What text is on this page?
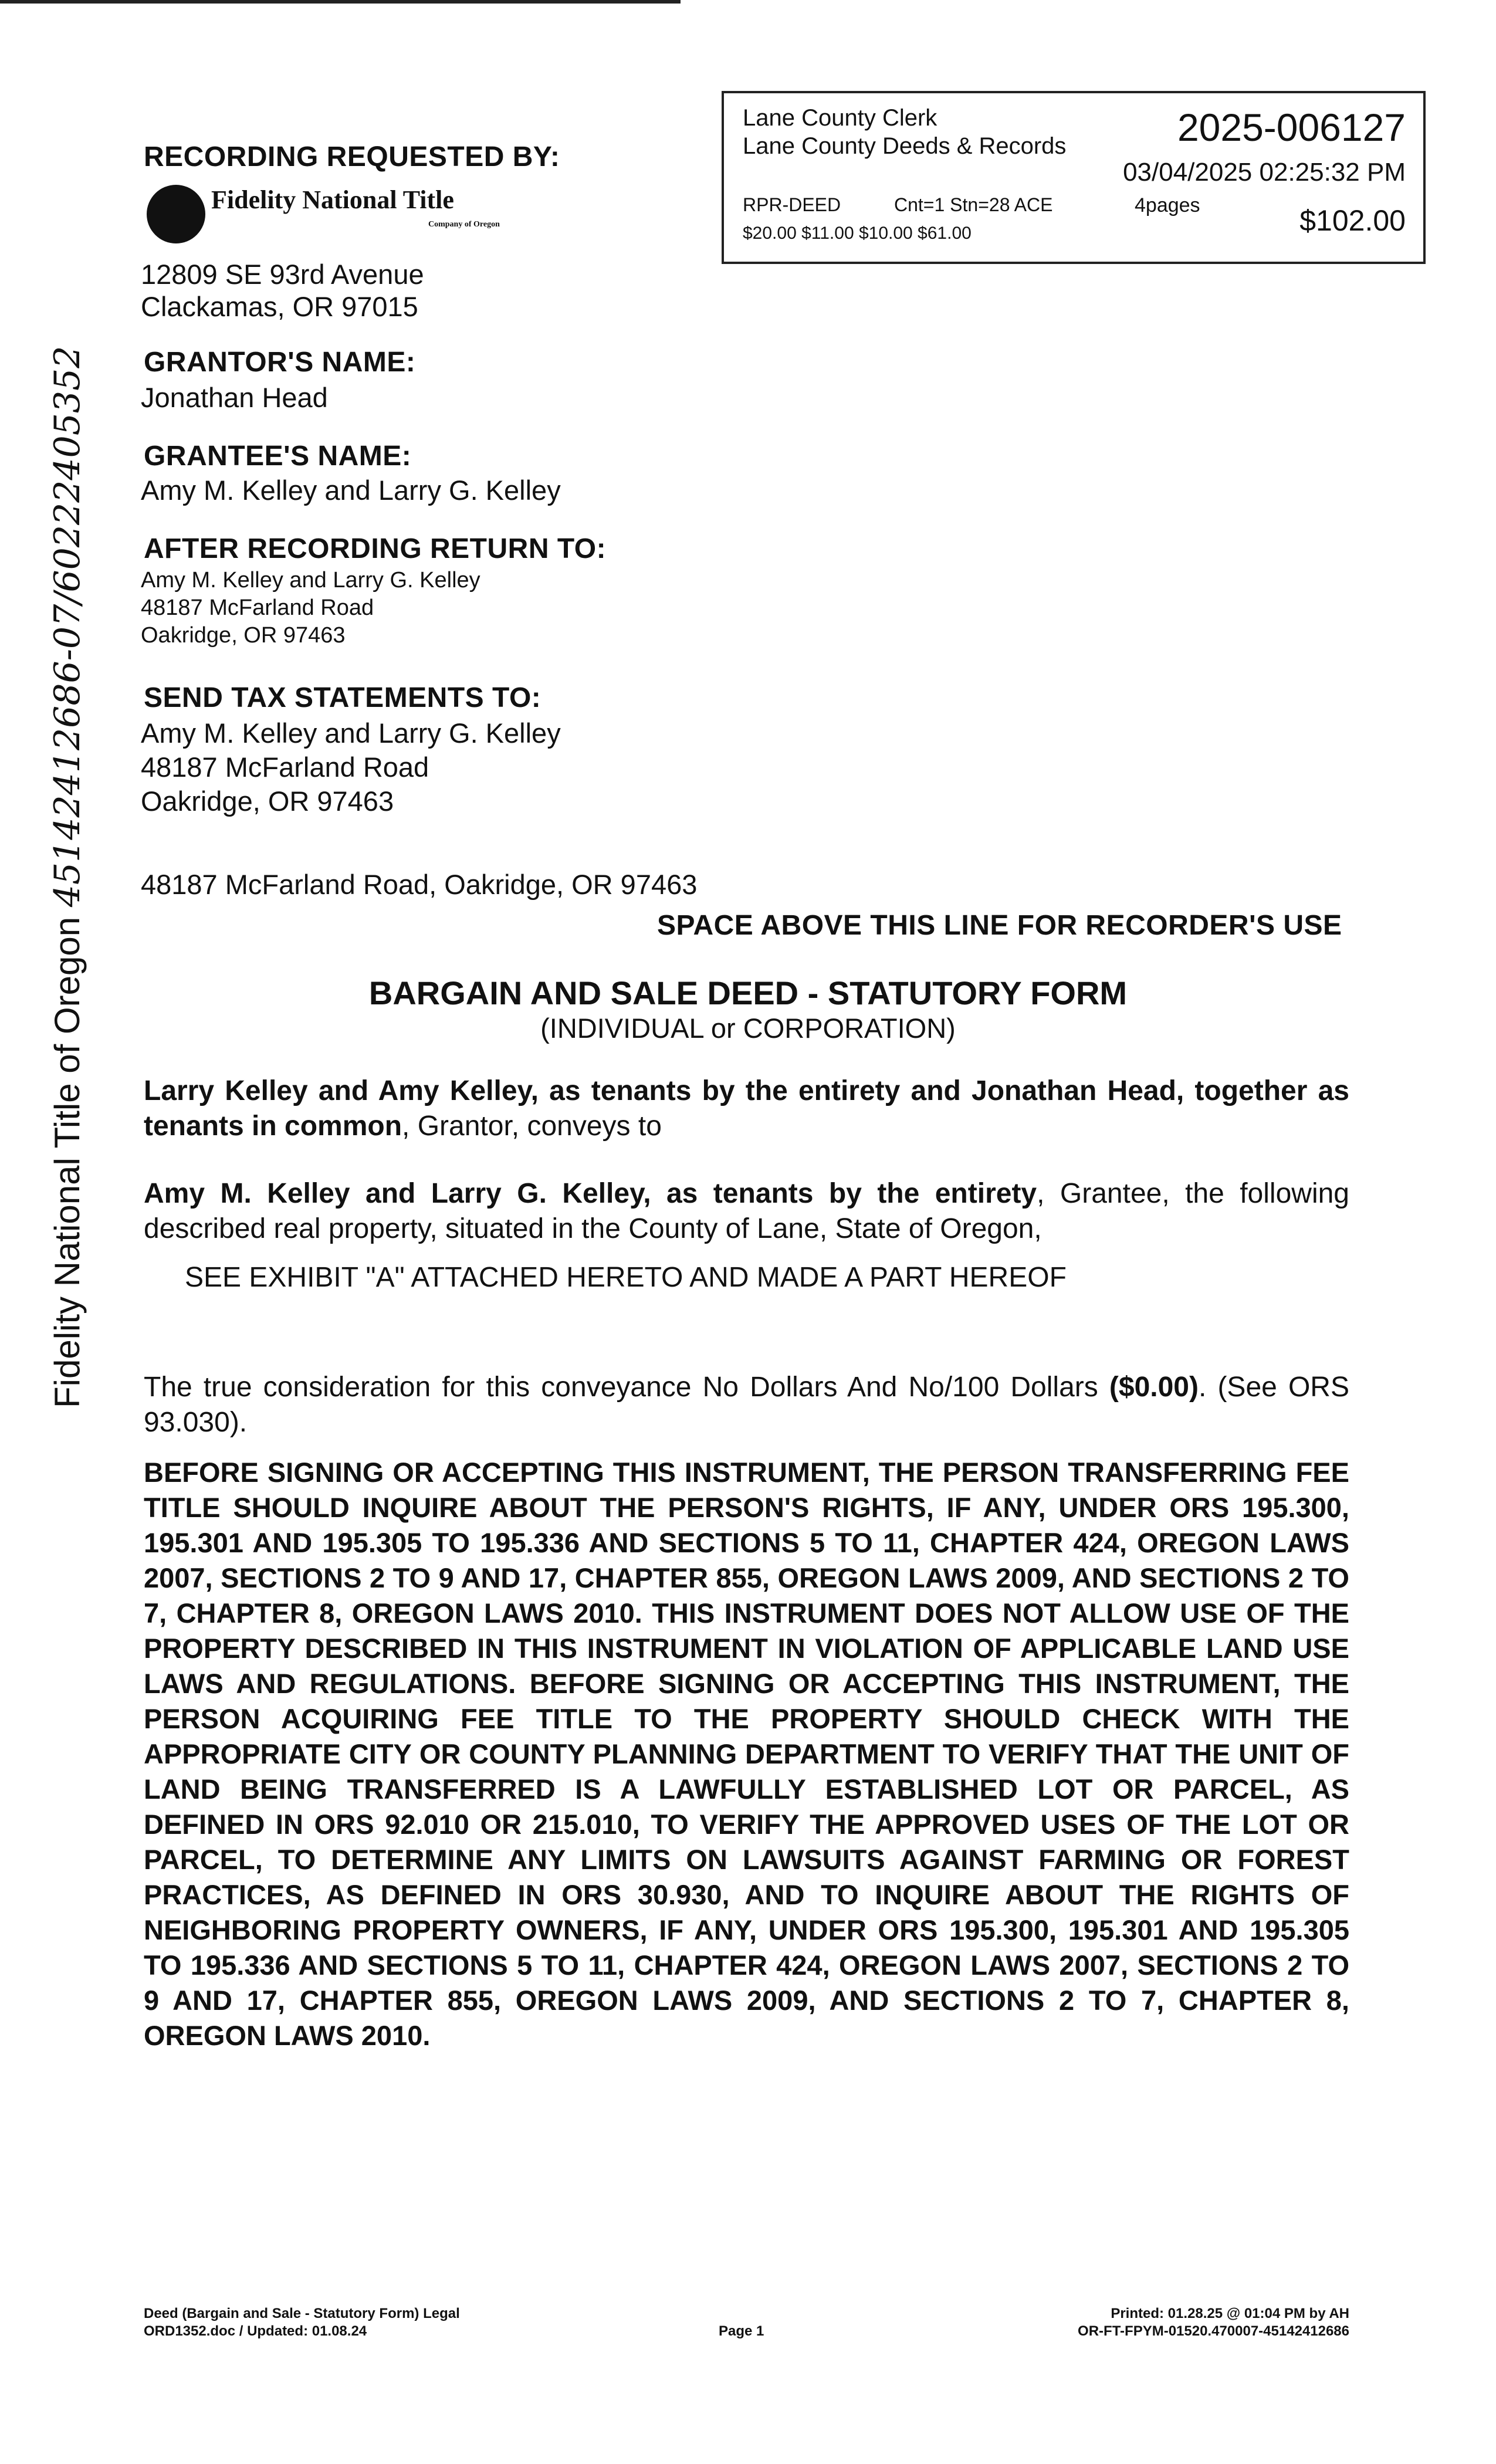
Lane County Clerk
Lane County Deeds & Records	2025-006127
03/04/2025 02:25:32 PM
RPR-DEED	Cnt=1 Stn=28 ACE	4pages
$20.00 $11.00 $10.00 $61.00	$102.00
RECORDING REQUESTED BY:
Fidelity National Title
Company of Oregon
12809 SE 93rd Avenue
Clackamas, OR 97015
GRANTOR'S NAME:
Jonathan Head
GRANTEE'S NAME:
Amy M. Kelley and Larry G. Kelley
AFTER RECORDING RETURN TO:
Amy M. Kelley and Larry G. Kelley
48187 McFarland Road
Oakridge, OR 97463
SEND TAX STATEMENTS TO:
Amy M. Kelley and Larry G. Kelley
48187 McFarland Road
Oakridge, OR 97463
48187 McFarland Road, Oakridge, OR 97463
SPACE ABOVE THIS LINE FOR RECORDER'S USE
BARGAIN AND SALE DEED - STATUTORY FORM
(INDIVIDUAL or CORPORATION)
Larry Kelley and Amy Kelley, as tenants by the entirety and Jonathan Head, together as tenants in common, Grantor, conveys to
Amy M. Kelley and Larry G. Kelley, as tenants by the entirety, Grantee, the following described real property, situated in the County of Lane, State of Oregon,
SEE EXHIBIT "A" ATTACHED HERETO AND MADE A PART HEREOF
The true consideration for this conveyance No Dollars And No/100 Dollars ($0.00). (See ORS 93.030).
BEFORE SIGNING OR ACCEPTING THIS INSTRUMENT, THE PERSON TRANSFERRING FEE TITLE SHOULD INQUIRE ABOUT THE PERSON'S RIGHTS, IF ANY, UNDER ORS 195.300, 195.301 AND 195.305 TO 195.336 AND SECTIONS 5 TO 11, CHAPTER 424, OREGON LAWS 2007, SECTIONS 2 TO 9 AND 17, CHAPTER 855, OREGON LAWS 2009, AND SECTIONS 2 TO 7, CHAPTER 8, OREGON LAWS 2010. THIS INSTRUMENT DOES NOT ALLOW USE OF THE PROPERTY DESCRIBED IN THIS INSTRUMENT IN VIOLATION OF APPLICABLE LAND USE LAWS AND REGULATIONS. BEFORE SIGNING OR ACCEPTING THIS INSTRUMENT, THE PERSON ACQUIRING FEE TITLE TO THE PROPERTY SHOULD CHECK WITH THE APPROPRIATE CITY OR COUNTY PLANNING DEPARTMENT TO VERIFY THAT THE UNIT OF LAND BEING TRANSFERRED IS A LAWFULLY ESTABLISHED LOT OR PARCEL, AS DEFINED IN ORS 92.010 OR 215.010, TO VERIFY THE APPROVED USES OF THE LOT OR PARCEL, TO DETERMINE ANY LIMITS ON LAWSUITS AGAINST FARMING OR FOREST PRACTICES, AS DEFINED IN ORS 30.930, AND TO INQUIRE ABOUT THE RIGHTS OF NEIGHBORING PROPERTY OWNERS, IF ANY, UNDER ORS 195.300, 195.301 AND 195.305 TO 195.336 AND SECTIONS 5 TO 11, CHAPTER 424, OREGON LAWS 2007, SECTIONS 2 TO 9 AND 17, CHAPTER 855, OREGON LAWS 2009, AND SECTIONS 2 TO 7, CHAPTER 8, OREGON LAWS 2010.
Fidelity National Title of Oregon 45142412686-07/60222405352
Deed (Bargain and Sale - Statutory Form) Legal
ORD1352.doc / Updated: 01.08.24	Page 1
Printed: 01.28.25 @ 01:04 PM by AH
OR-FT-FPYM-01520.470007-45142412686
